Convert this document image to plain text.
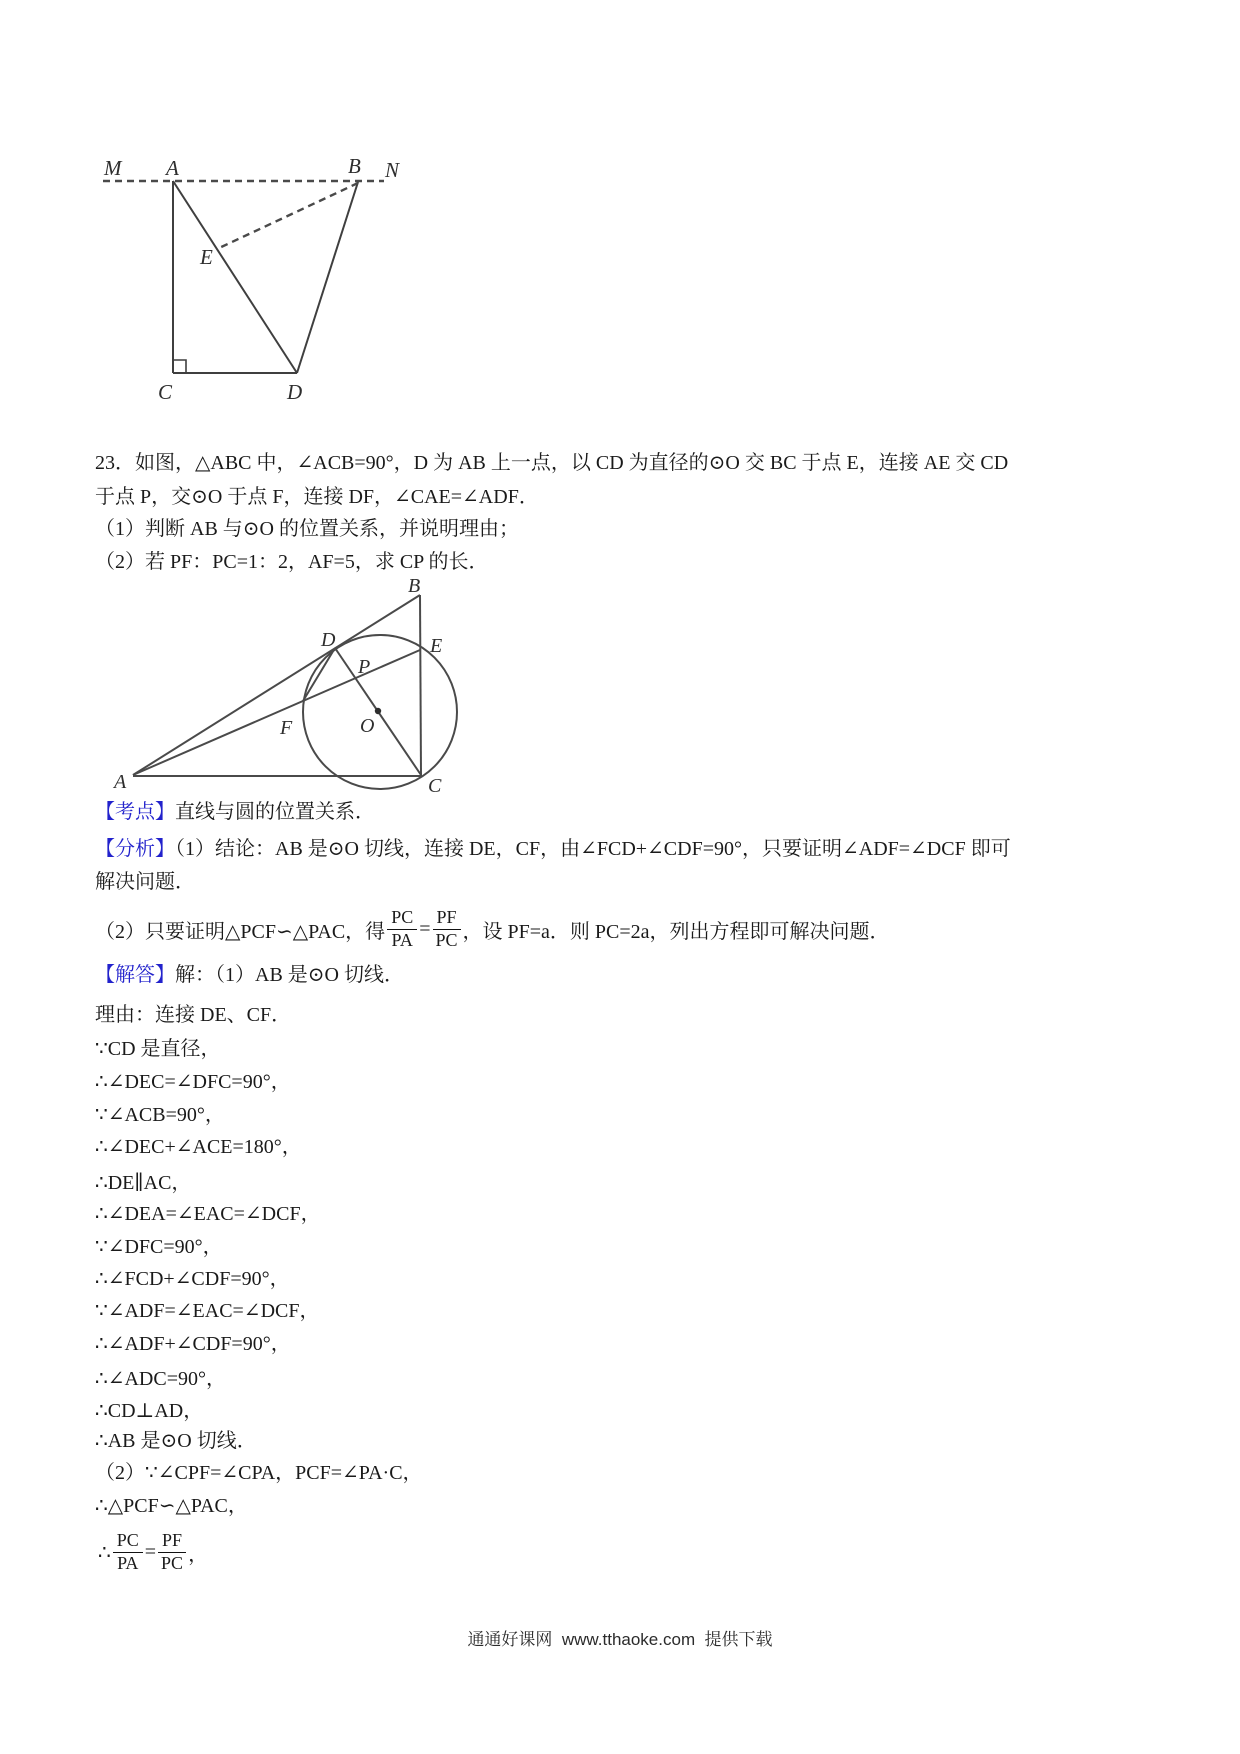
M A	B N
E
C	D
23．如图，△ABC 中，∠ACB=90°，D 为 AB 上一点，以 CD 为直径的⊙O 交 BC 于点 E，连接 AE 交 CD
于点 P，交⊙O 于点 F，连接 DF，∠CAE=∠ADF．
（1）判断 AB 与⊙O 的位置关系，并说明理由；
（2）若 PF：PC=1：2，AF=5，求 CP 的长．
B
D	E
P
O
F
A	C
【考点】直线与圆的位置关系．
【分析】（1）结论：AB 是⊙O 切线，连接 DE，CF，由∠FCD+∠CDF=90°，只要证明∠ADF=∠DCF 即可
解决问题．
（2）只要证明△PCF∽△PAC，得 $\frac{PC}{PA} = \frac{PF}{PC}$ ，设 PF=a．则 PC=2a，列出方程即可解决问题．
【解答】解：（1）AB 是⊙O 切线．
理由：连接 DE、CF．
∵CD 是直径，
∴∠DEC=∠DFC=90°，
∵∠ACB=90°，
∴∠DEC+∠ACE=180°，
∴DE∥AC，
∴∠DEA=∠EAC=∠DCF，
∵∠DFC=90°，
∴∠FCD+∠CDF=90°，
∵∠ADF=∠EAC=∠DCF，
∴∠ADF+∠CDF=90°，
∴∠ADC=90°，
∴CD⊥AD，
∴AB 是⊙O 切线．
（2）∵∠CPF=∠CPA，PCF=∠PA·C，
∴△PCF∽△PAC，
∴ $\frac{PC}{PA} = \frac{PF}{PC}$ ，
通通好课网  www.tthaoke.com  提供下载
